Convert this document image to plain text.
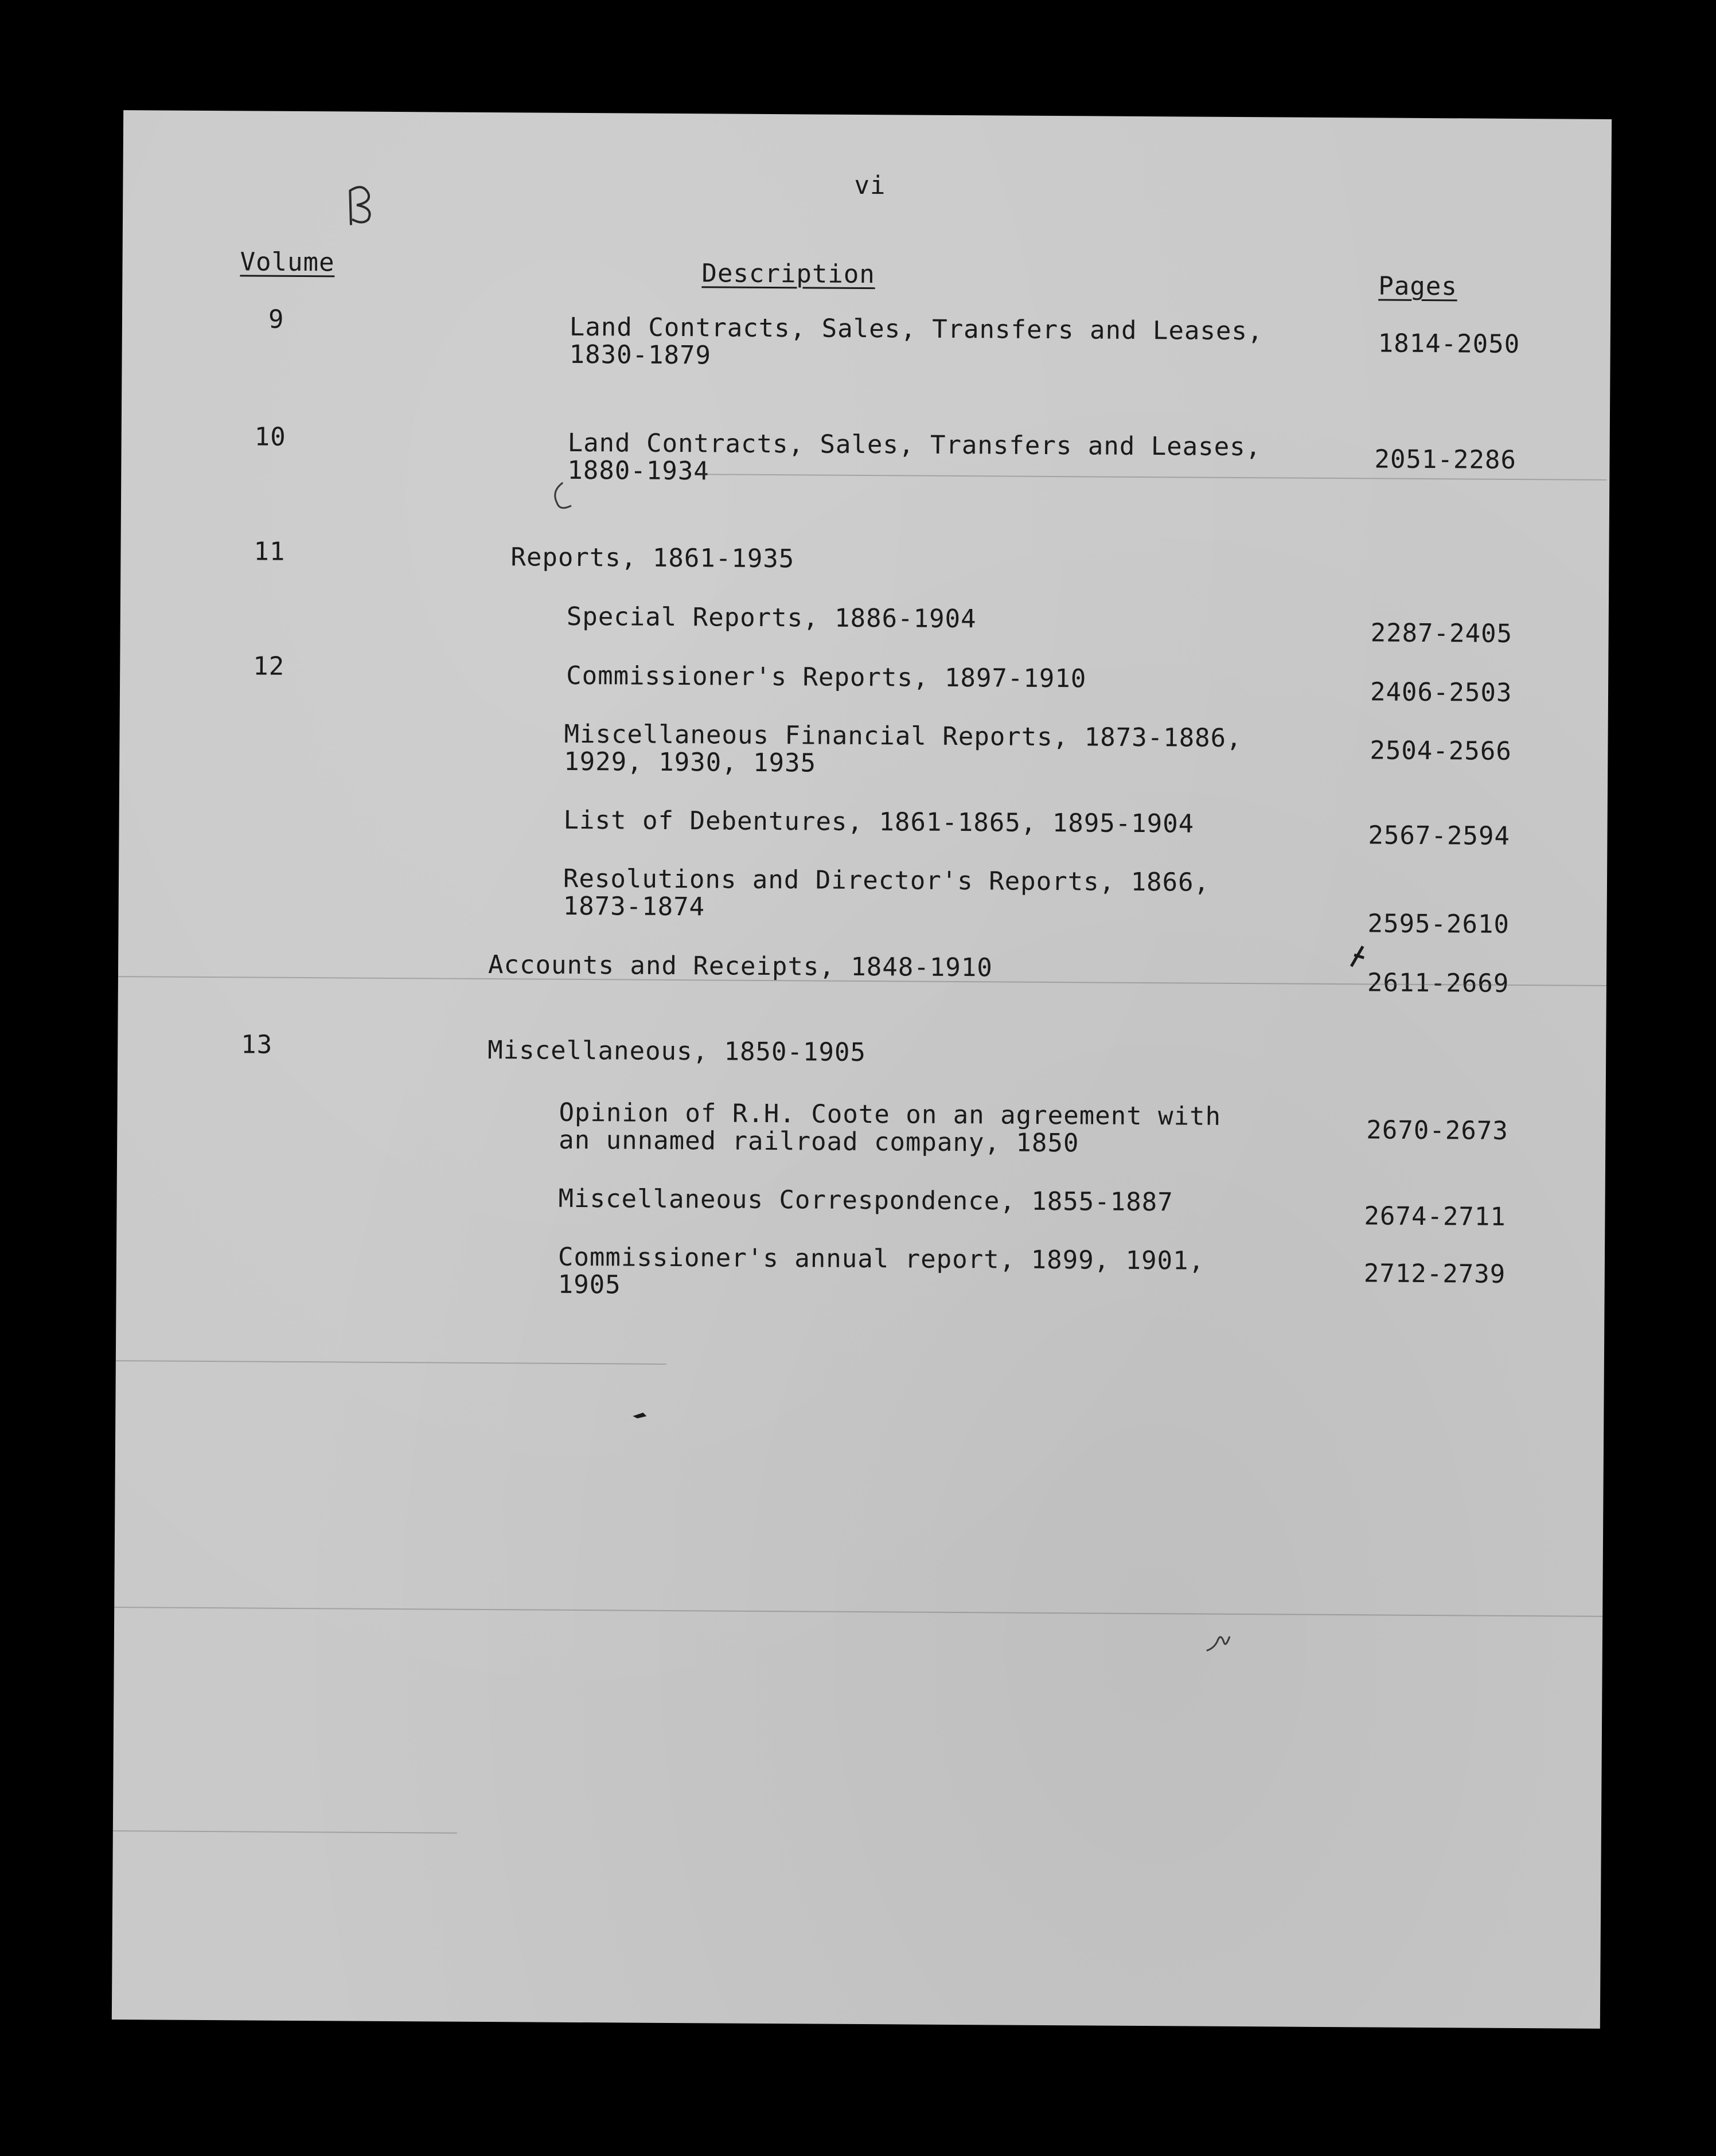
vi
Volume	Description	Pages
9	Land Contracts, Sales, Transfers and Leases,
1830-1879	1814-2050
10	Land Contracts, Sales, Transfers and Leases,
1880-1934	2051-2286
11	Reports, 1861-1935
Special Reports, 1886-1904	2287-2405
12	Commissioner's Reports, 1897-1910	2406-2503
Miscellaneous Financial Reports, 1873-1886,
1929, 1930, 1935	2504-2566
List of Debentures, 1861-1865, 1895-1904	2567-2594
Resolutions and Director's Reports, 1866,
1873-1874
2595-2610
Accounts and Receipts, 1848-1910
2611-2669
13	Miscellaneous, 1850-1905
Opinion of R.H. Coote on an agreement with
an unnamed railroad company, 1850	2670-2673
Miscellaneous Correspondence, 1855-1887	2674-2711
Commissioner's annual report, 1899, 1901,
1905	2712-2739
